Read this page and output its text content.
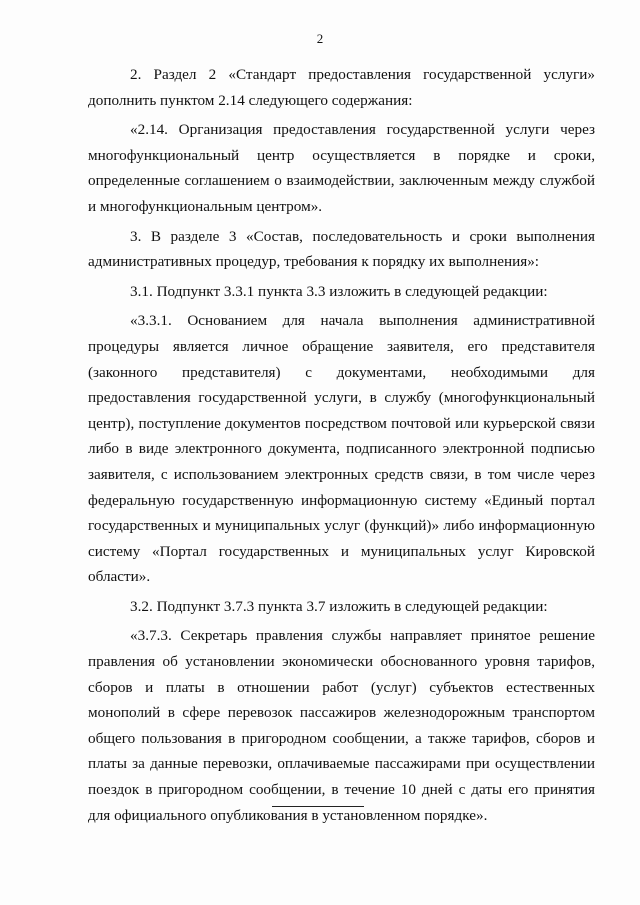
2

2. Раздел 2 «Стандарт предоставления государственной услуги» дополнить пунктом 2.14 следующего содержания:

«2.14. Организация предоставления государственной услуги через многофункциональный центр осуществляется в порядке и сроки, определенные соглашением о взаимодействии, заключенным между службой и многофункциональным центром».

3. В разделе 3 «Состав, последовательность и сроки выполнения административных процедур, требования к порядку их выполнения»:

3.1. Подпункт 3.3.1 пункта 3.3 изложить в следующей редакции:

«3.3.1. Основанием для начала выполнения административной процедуры является личное обращение заявителя, его представителя (законного представителя) с документами, необходимыми для предоставления государственной услуги, в службу (многофункциональный центр), поступление документов посредством почтовой или курьерской связи либо в виде электронного документа, подписанного электронной подписью заявителя, с использованием электронных средств связи, в том числе через федеральную государственную информационную систему «Единый портал государственных и муниципальных услуг (функций)» либо информационную систему «Портал государственных и муниципальных услуг Кировской области».

3.2. Подпункт 3.7.3 пункта 3.7 изложить в следующей редакции:

«3.7.3. Секретарь правления службы направляет принятое решение правления об установлении экономически обоснованного уровня тарифов, сборов и платы в отношении работ (услуг) субъектов естественных монополий в сфере перевозок пассажиров железнодорожным транспортом общего пользования в пригородном сообщении, а также тарифов, сборов и платы за данные перевозки, оплачиваемые пассажирами при осуществлении поездок в пригородном сообщении, в течение 10 дней с даты его принятия для официального опубликования в установленном порядке».
